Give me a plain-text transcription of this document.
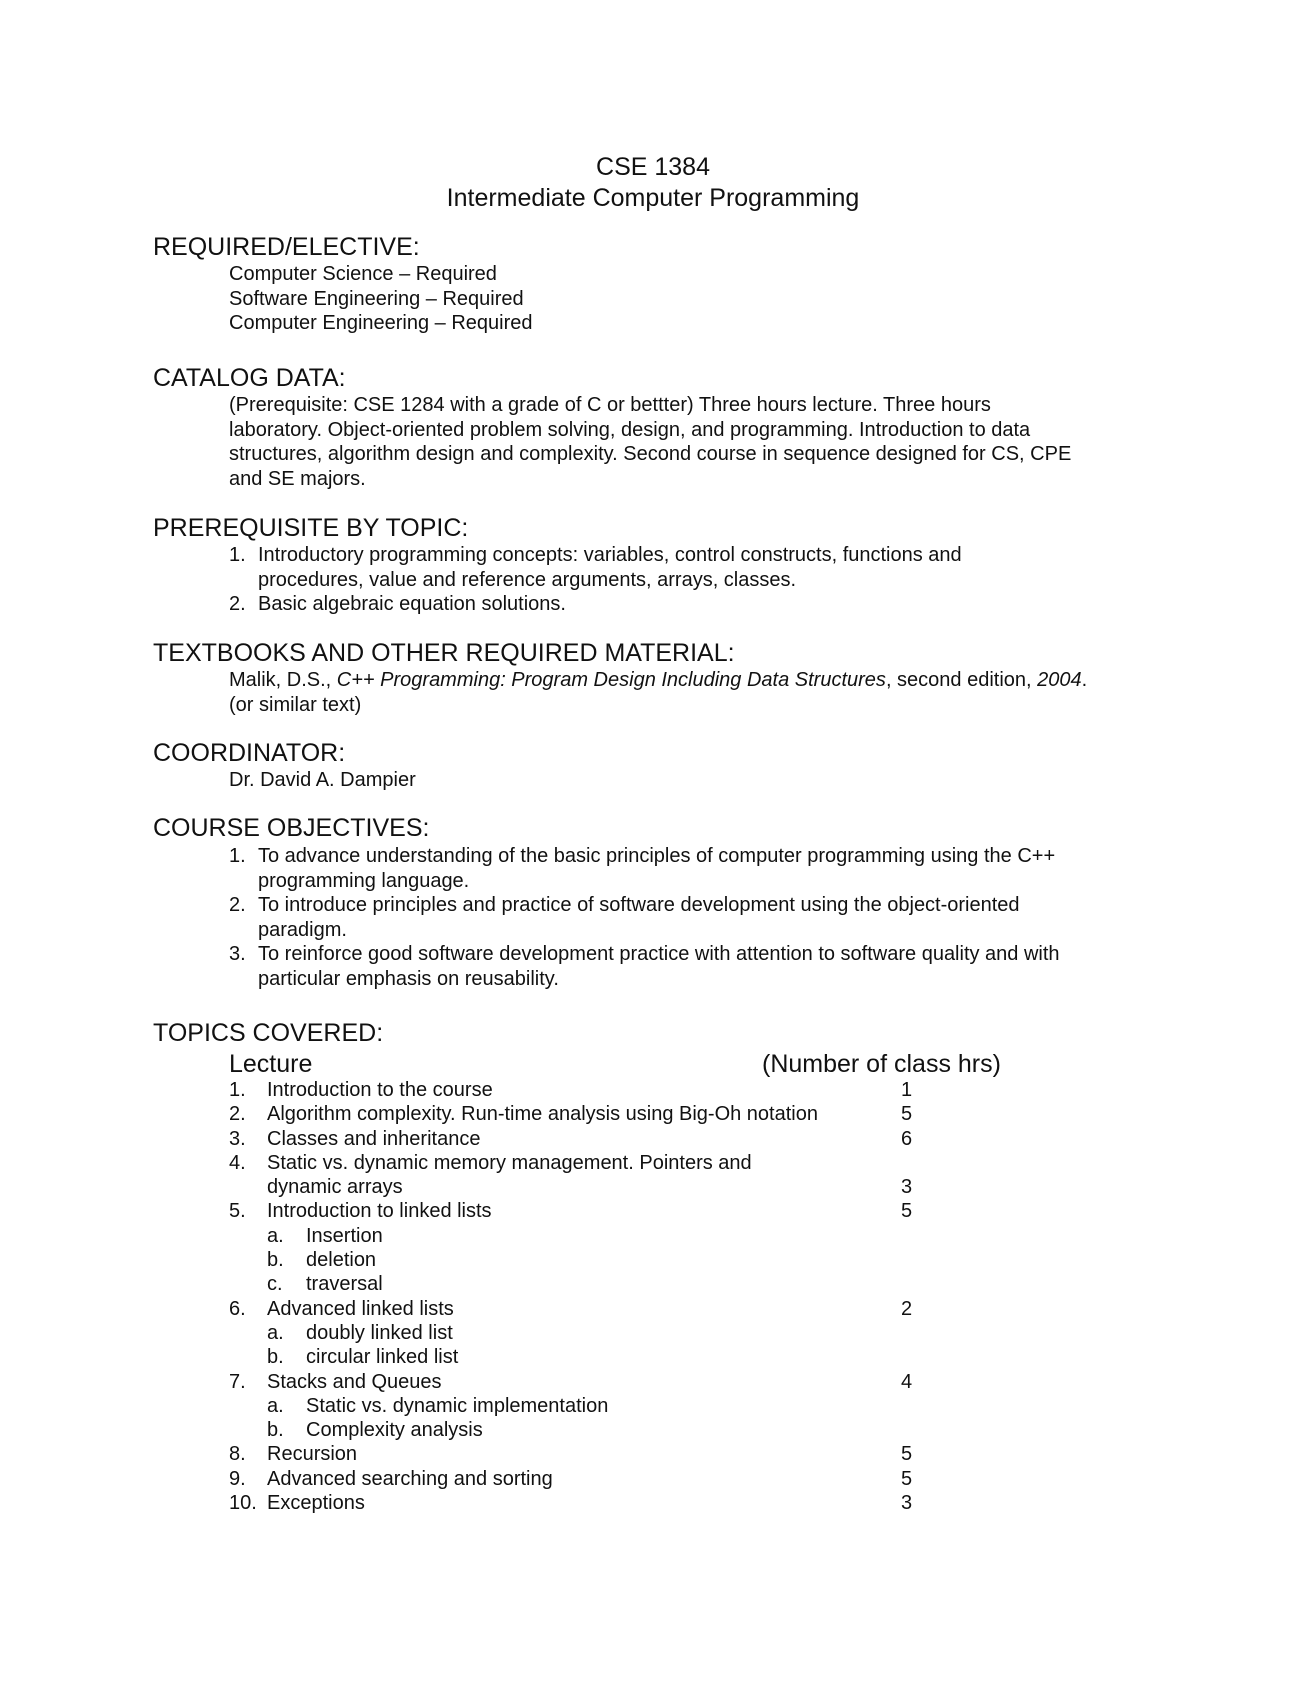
CSE 1384
Intermediate Computer Programming
REQUIRED/ELECTIVE:
Computer Science – Required
Software Engineering – Required
Computer Engineering – Required
CATALOG DATA:
(Prerequisite: CSE 1284 with a grade of C or bettter) Three hours lecture. Three hours
laboratory. Object-oriented problem solving, design, and programming. Introduction to data
structures, algorithm design and complexity. Second course in sequence designed for CS, CPE
and SE majors.
PREREQUISITE BY TOPIC:
1. Introductory programming concepts: variables, control constructs, functions and
procedures, value and reference arguments, arrays, classes.
2. Basic algebraic equation solutions.
TEXTBOOKS AND OTHER REQUIRED MATERIAL:
Malik, D.S., C++ Programming: Program Design Including Data Structures, second edition, 2004.
(or similar text)
COORDINATOR:
Dr. David A. Dampier
COURSE OBJECTIVES:
1. To advance understanding of the basic principles of computer programming using the C++
programming language.
2. To introduce principles and practice of software development using the object-oriented
paradigm.
3. To reinforce good software development practice with attention to software quality and with
particular emphasis on reusability.
TOPICS COVERED:
Lecture	(Number of class hrs)
1. Introduction to the course	1
2. Algorithm complexity. Run-time analysis using Big-Oh notation	5
3. Classes and inheritance	6
4. Static vs. dynamic memory management. Pointers and
dynamic arrays	3
5. Introduction to linked lists	5
a. Insertion
b. deletion
c. traversal
6. Advanced linked lists	2
a. doubly linked list
b. circular linked list
7. Stacks and Queues	4
a. Static vs. dynamic implementation
b. Complexity analysis
8. Recursion	5
9. Advanced searching and sorting	5
10. Exceptions	3
